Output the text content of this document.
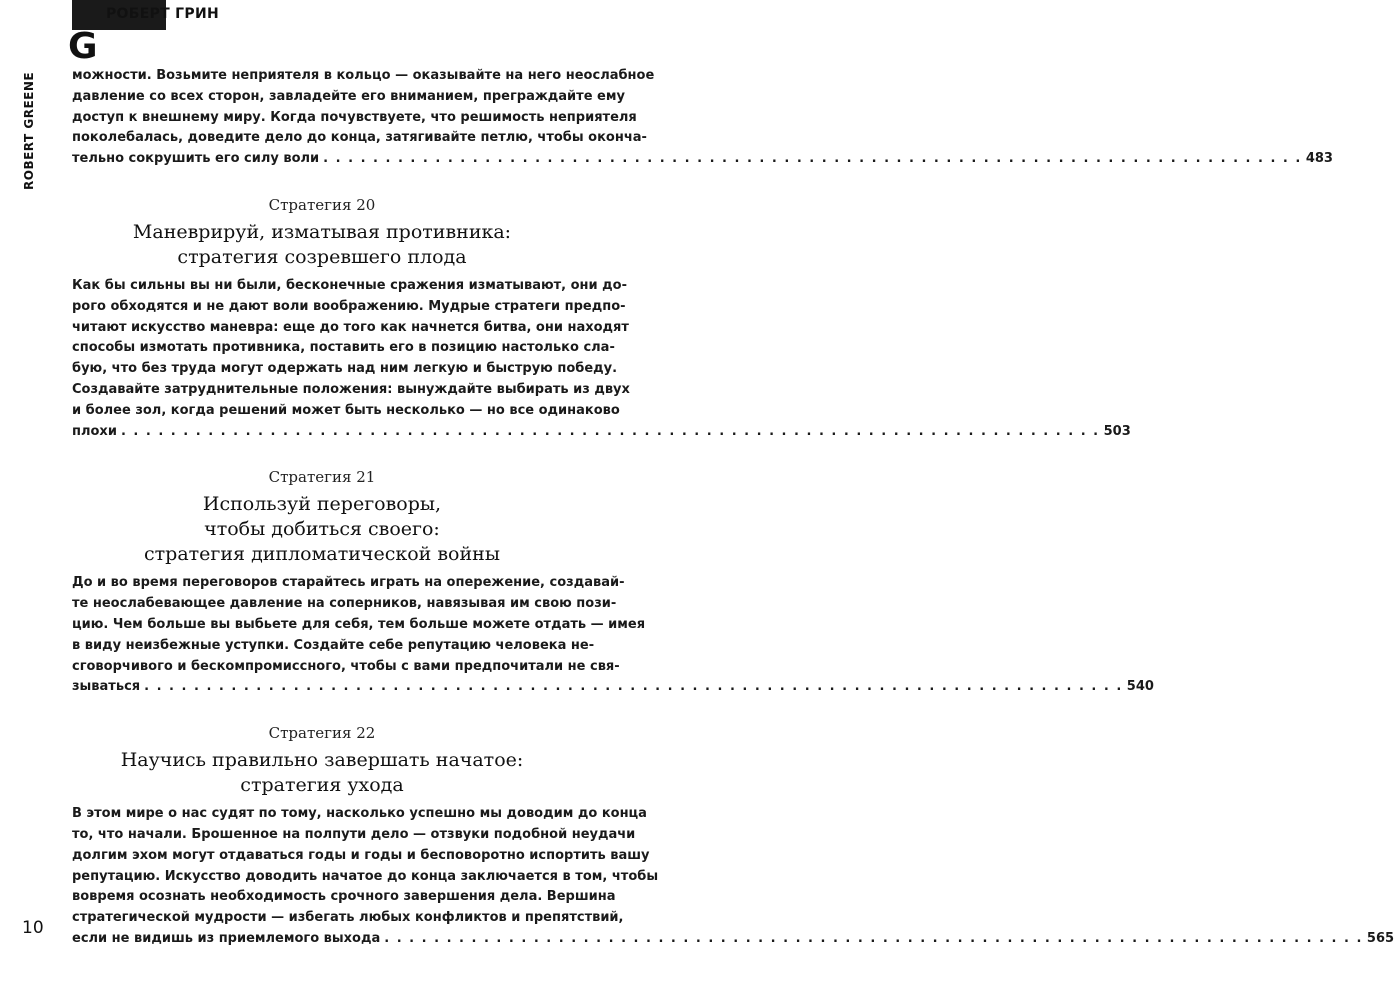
РОБЕРТ ГРИН
G
ROBERT GREENE	можности. Возьмите неприятеля в кольцо — оказывайте на него неослабное
давление со всех сторон, завладейте его вниманием, преграждайте ему
доступ к внешнему миру. Когда почувствуете, что решимость неприятеля
поколебалась, доведите дело до конца, затягивайте петлю, чтобы оконча-
тельно сокрушить его силу воли . . .	483

Стратегия 20

Маневрируй, изматывая противника:
стратегия созревшего плода

Как бы сильны вы ни были, бесконечные сражения изматывают, они до-
рого обходятся и не дают воли воображению. Мудрые стратеги предпо-
читают искусство маневра: еще до того как начнется битва, они находят
способы измотать противника, поставить его в позицию настолько сла-
бую, что без труда могут одержать над ним легкую и быструю победу.
Создавайте затруднительные положения: вынуждайте выбирать из двух
и более зол, когда решений может быть несколько — но все одинаково
плохи . . .	503

Стратегия 21

Используй переговоры,
чтобы добиться своего:
стратегия дипломатической войны

До и во время переговоров старайтесь играть на опережение, создавай-
те неослабевающее давление на соперников, навязывая им свою пози-
цию. Чем больше вы выбьете для себя, тем больше можете отдать — имея
в виду неизбежные уступки. Создайте себе репутацию человека не-
сговорчивого и бескомпромиссного, чтобы с вами предпочитали не свя-
зываться . . .	540

Стратегия 22

Научись правильно завершать начатое:
стратегия ухода

В этом мире о нас судят по тому, насколько успешно мы доводим до конца
то, что начали. Брошенное на полпути дело — отзвуки подобной неудачи
долгим эхом могут отдаваться годы и годы и бесповоротно испортить вашу
репутацию. Искусство доводить начатое до конца заключается в том, чтобы
вовремя осознать необходимость срочного завершения дела. Вершина
стратегической мудрости — избегать любых конфликтов и препятствий,
если не видишь из приемлемого выхода . . .	565
10
